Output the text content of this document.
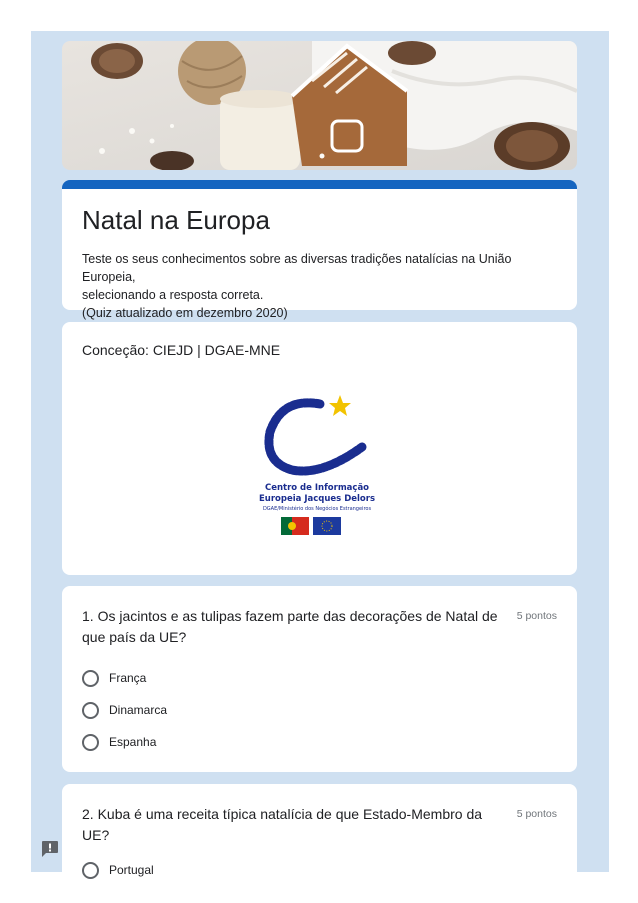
Natal na Europa
Teste os seus conhecimentos sobre as diversas tradições natalícias na União Europeia,
selecionando a resposta correta.
(Quiz atualizado em dezembro 2020)
Conceção: CIEJD | DGAE-MNE
Centro de Informação
Europeia Jacques Delors
DGAE/Ministério dos Negócios Estrangeiros
1. Os jacintos e as tulipas fazem parte das decorações de Natal de que país da UE?
5 pontos
França
Dinamarca
Espanha
2. Kuba é uma receita típica natalícia de que Estado-Membro da UE?
5 pontos
Portugal
